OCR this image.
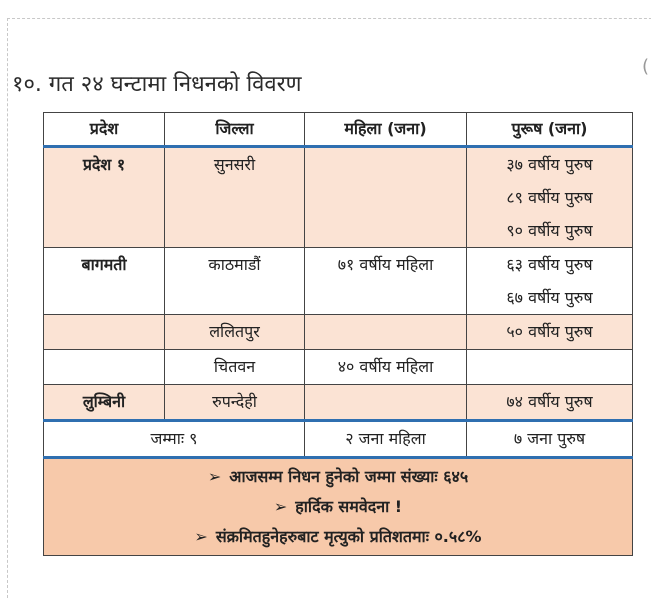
(
१०. गत २४ घन्टामा निधनको विवरण
प्रदेश	जिल्ला	महिला (जना)	पुरूष (जना)
प्रदेश १	सुनसरी		३७ वर्षीय पुरुष
८९ वर्षीय पुरुष
९० वर्षीय पुरुष

बागमती	काठमाडौं	७१ वर्षीय महिला	६३ वर्षीय पुरुष
६७ वर्षीय पुरुष

	ललितपुर		५० वर्षीय पुरुष
	चितवन	४० वर्षीय महिला	
लुम्बिनी	रुपन्देही		७४ वर्षीय पुरुष
जम्माः ९		२ जना महिला	७ जना पुरुष

➢ आजसम्म निधन हुनेको जम्मा संख्याः ६४५
➢ हार्दिक समवेदना !
➢ संक्रमितहुनेहरुबाट मृत्युको प्रतिशतमाः ०.५८%			
